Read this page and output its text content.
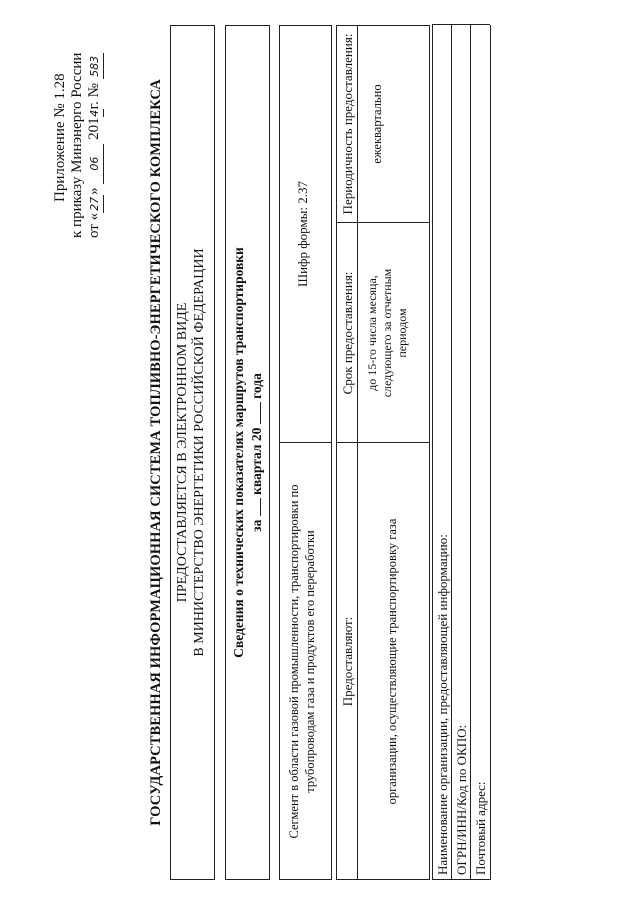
Приложение № 1.28 к приказу Минэнерго России от «27» 06 2014г. № 583
ГОСУДАРСТВЕННАЯ ИНФОРМАЦИОННАЯ СИСТЕМА ТОПЛИВНО-ЭНЕРГЕТИЧЕСКОГО КОМПЛЕКСА ПРЕДОСТАВЛЯЕТСЯ В ЭЛЕКТРОННОМ ВИДЕ В МИНИСТЕРСТВО ЭНЕРГЕТИКИ РОССИЙСКОЙ ФЕДЕРАЦИИ Сведения о технических показателях маршрутов транспортировки за  квартал 20  года
Сегмент в области газовой промышленности, транспортировки по трубопроводам газа и продуктов его переработки
Шифр формы: 2.37
Предоставляют:
Срок предоставления:
Периодичность предоставления:
организации, осуществляющие транспортировку газа
до 15-го числа месяца, следующего за отчетным периодом
ежеквартально
Наименование организации, предоставляющей информацию: ОГРН/ИНН/Код по ОКПО: Почтовый адрес:
